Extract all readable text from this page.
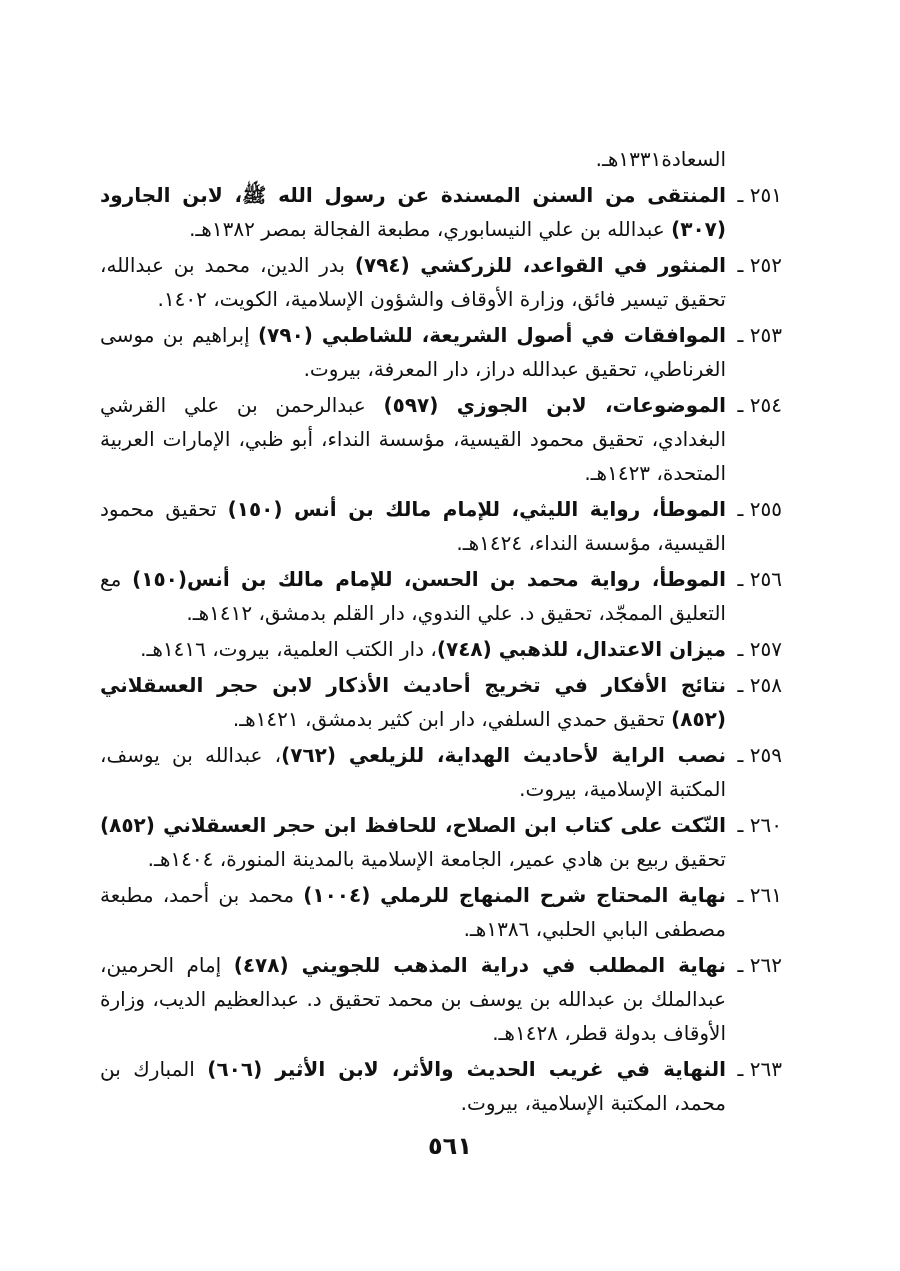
السعادة١٣٣١هـ.
٢٥١ ـ
المنتقى من السنن المسندة عن رسول الله ﷺ، لابن الجارود (٣٠٧) عبدالله بن علي النيسابوري، مطبعة الفجالة بمصر ١٣٨٢هـ.
٢٥٢ ـ
المنثور في القواعد، للزركشي (٧٩٤) بدر الدين، محمد بن عبدالله، تحقيق تيسير فائق، وزارة الأوقاف والشؤون الإسلامية، الكويت، ١٤٠٢.
٢٥٣ ـ
الموافقات في أصول الشريعة، للشاطبي (٧٩٠) إبراهيم بن موسى الغرناطي، تحقيق عبدالله دراز، دار المعرفة، بيروت.
٢٥٤ ـ
الموضوعات، لابن الجوزي (٥٩٧) عبدالرحمن بن علي القرشي البغدادي، تحقيق محمود القيسية، مؤسسة النداء، أبو ظبي، الإمارات العربية المتحدة، ١٤٢٣هـ.
٢٥٥ ـ
الموطأ، رواية الليثي، للإمام مالك بن أنس (١٥٠) تحقيق محمود القيسية، مؤسسة النداء، ١٤٢٤هـ.
٢٥٦ ـ
الموطأ، رواية محمد بن الحسن، للإمام مالك بن أنس(١٥٠) مع التعليق الممجّد، تحقيق د. علي الندوي، دار القلم بدمشق، ١٤١٢هـ.
٢٥٧ ـ
ميزان الاعتدال، للذهبي (٧٤٨)، دار الكتب العلمية، بيروت، ١٤١٦هـ.
٢٥٨ ـ
نتائج الأفكار في تخريج أحاديث الأذكار لابن حجر العسقلاني (٨٥٢) تحقيق حمدي السلفي، دار ابن كثير بدمشق، ١٤٢١هـ.
٢٥٩ ـ
نصب الراية لأحاديث الهداية، للزيلعي (٧٦٢)، عبدالله بن يوسف، المكتبة الإسلامية، بيروت.
٢٦٠ ـ
النّكت على كتاب ابن الصلاح، للحافظ ابن حجر العسقلاني (٨٥٢) تحقيق ربيع بن هادي عمير، الجامعة الإسلامية بالمدينة المنورة، ١٤٠٤هـ.
٢٦١ ـ
نهاية المحتاج شرح المنهاج للرملي (١٠٠٤) محمد بن أحمد، مطبعة مصطفى البابي الحلبي، ١٣٨٦هـ.
٢٦٢ ـ
نهاية المطلب في دراية المذهب للجويني (٤٧٨) إمام الحرمين، عبدالملك بن عبدالله بن يوسف بن محمد تحقيق د. عبدالعظيم الديب، وزارة الأوقاف بدولة قطر، ١٤٢٨هـ.
٢٦٣ ـ
النهاية في غريب الحديث والأثر، لابن الأثير (٦٠٦) المبارك بن محمد، المكتبة الإسلامية، بيروت.
٥٦١
